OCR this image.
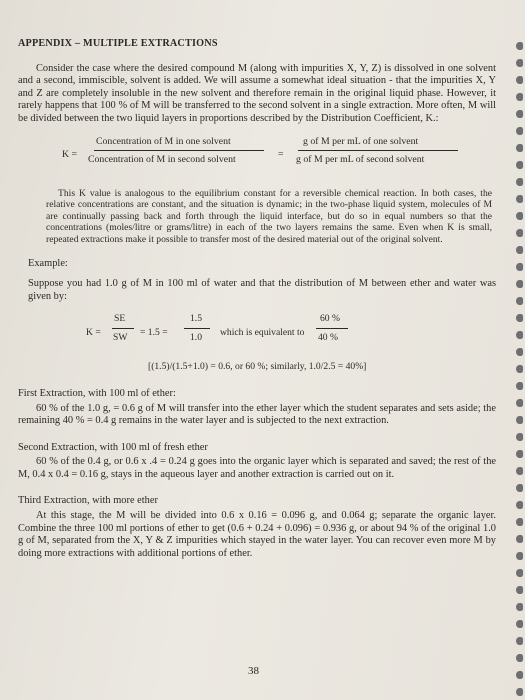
APPENDIX – MULTIPLE EXTRACTIONS

Consider the case where the desired compound M (along with impurities X, Y, Z) is dissolved in one solvent and a second, immiscible, solvent is added. We will assume a somewhat ideal situation - that the impurities X, Y and Z are completely insoluble in the new solvent and therefore remain in the original liquid phase. However, it rarely happens that 100 % of M will be transferred to the second solvent in a single extraction. More often, M will be divided between the two liquid layers in proportions described by the Distribution Coefficient, K.:

K =
Concentration of M in one solvent
Concentration of M in second solvent	=
g of M per mL of one solvent
g of M per mL of second solvent

This K value is analogous to the equilibrium constant for a reversible chemical reaction. In both cases, the relative concentrations are constant, and the situation is dynamic; in the two-phase liquid system, molecules of M are continually passing back and forth through the liquid interface, but do so in equal numbers so that the concentrations (moles/litre or grams/litre) in each of the two layers remains the same. Even when K is small, repeated extractions make it possible to transfer most of the desired material out of the original solvent.

Example:

Suppose you had 1.0 g of M in 100 ml of water and that the distribution of M between ether and water was given by:

K =
SE
SW = 1.5 =
1.5
1.0 which is equivalent to
60 %
40 %

[(1.5)/(1.5+1.0) = 0.6, or 60 %; similarly, 1.0/2.5 = 40%]

First Extraction, with 100 ml of ether:

60 % of the 1.0 g, = 0.6 g of M will transfer into the ether layer which the student separates and sets aside; the remaining 40 % = 0.4 g remains in the water layer and is subjected to the next extraction.

Second Extraction, with 100 ml of fresh ether

60 % of the 0.4 g, or 0.6 x .4 = 0.24 g goes into the organic layer which is separated and saved; the rest of the M, 0.4 x 0.4 = 0.16 g, stays in the aqueous layer and another extraction is carried out on it.

Third Extraction, with more ether

At this stage, the M will be divided into 0.6 x 0.16 = 0.096 g, and 0.064 g; separate the organic layer. Combine the three 100 ml portions of ether to get (0.6 + 0.24 + 0.096) = 0.936 g, or about 94 % of the original 1.0 g of M, separated from the X, Y & Z impurities which stayed in the water layer. You can recover even more M by doing more extractions with additional portions of ether.

38
